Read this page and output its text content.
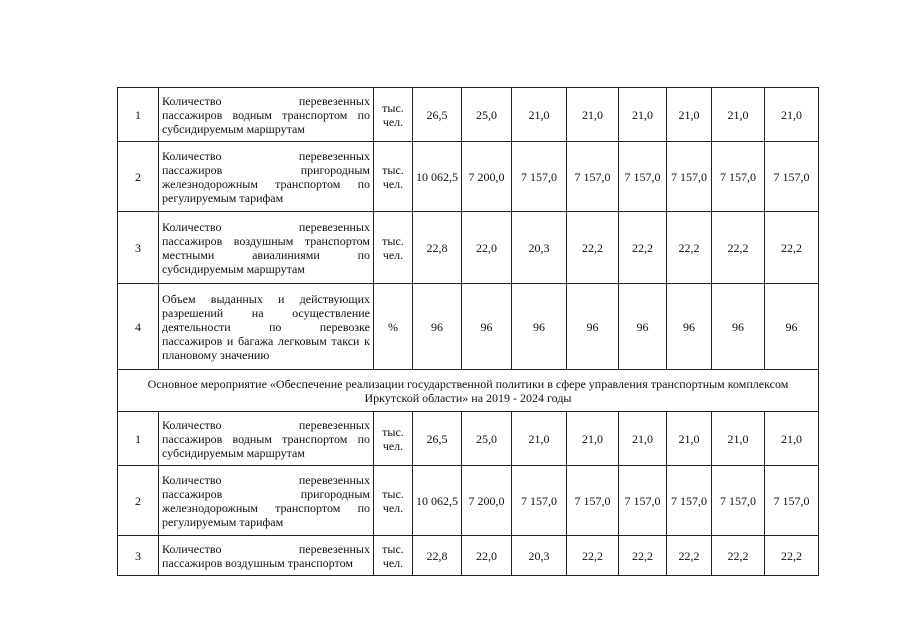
1	Количество перевезенных
пассажиров водным транспортом по субсидируемым маршрутам	тыс. чел.	26,5	25,0	21,0	21,0	21,0	21,0	21,0	21,0
2	Количество перевезенных
пассажиров пригородным
железнодорожным транспортом по регулируемым тарифам	тыс. чел.	10 062,5	7 200,0	7 157,0	7 157,0	7 157,0	7 157,0	7 157,0	7 157,0
3	Количество перевезенных
пассажиров воздушным транспортом
местными авиалиниями по
субсидируемым маршрутам	тыс. чел.	22,8	22,0	20,3	22,2	22,2	22,2	22,2	22,2
4	Объем выданных и действующих
разрешений на осуществление
деятельности по перевозке
пассажиров и багажа легковым такси к плановому значению	%	96	96	96	96	96	96	96	96
Основное мероприятие «Обеспечение реализации государственной политики в сфере управления транспортным комплексом Иркутской области» на 2019 - 2024 годы										
1	Количество перевезенных
пассажиров водным транспортом по субсидируемым маршрутам	тыс. чел.	26,5	25,0	21,0	21,0	21,0	21,0	21,0	21,0
2	Количество перевезенных
пассажиров пригородным
железнодорожным транспортом по регулируемым тарифам	тыс. чел.	10 062,5	7 200,0	7 157,0	7 157,0	7 157,0	7 157,0	7 157,0	7 157,0
3	Количество перевезенных
пассажиров воздушным транспортом	тыс. чел.	22,8	22,0	20,3	22,2	22,2	22,2	22,2	22,2
